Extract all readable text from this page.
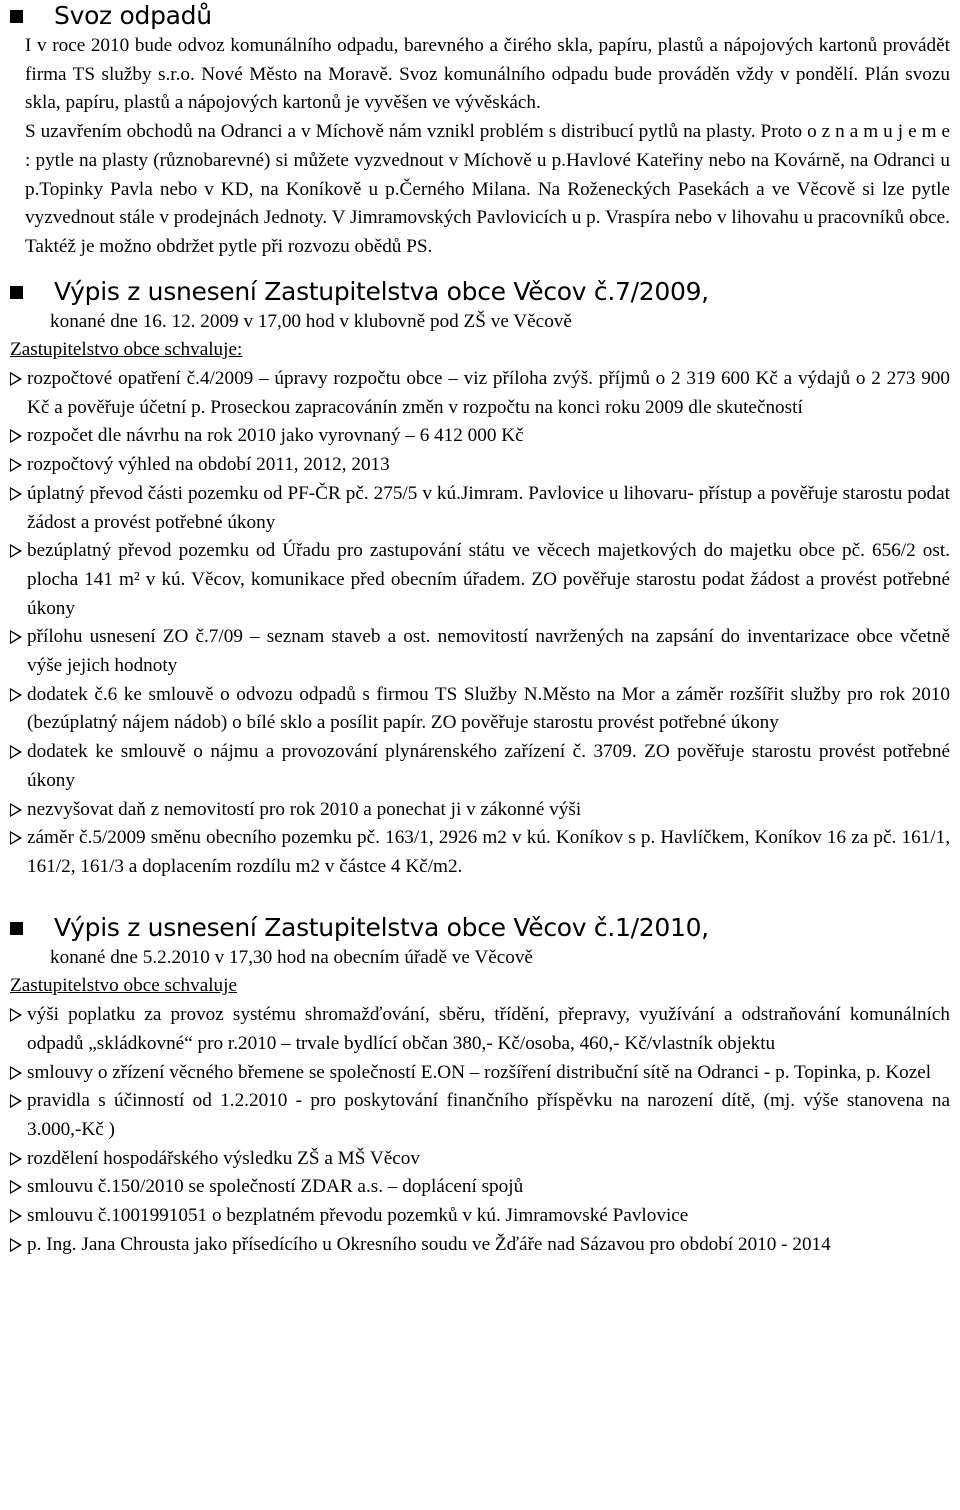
Svoz odpadů

I v roce 2010 bude odvoz komunálního odpadu, barevného a čirého skla, papíru, plastů a nápojových kartonů provádět firma TS služby s.r.o. Nové Město na Moravě. Svoz komunálního odpadu bude prováděn vždy v pondělí. Plán svozu skla, papíru, plastů a nápojových kartonů je vyvěšen ve vývěskách.

S uzavřením obchodů na Odranci a v Míchově nám vznikl problém s distribucí pytlů na plasty. Proto o z n a m u j e m e : pytle na plasty (různobarevné) si můžete vyzvednout v Míchově u p.Havlové Kateřiny nebo na Kovárně, na Odranci u p.Topinky Pavla nebo v KD, na Koníkově u p.Černého Milana. Na Roženeckých Pasekách a ve Věcově si lze pytle vyzvednout stále v prodejnách Jednoty. V Jimramovských Pavlovicích u p. Vraspíra nebo v lihovahu u pracovníků obce. Taktéž je možno obdržet pytle při rozvozu obědů PS.

Výpis z usnesení Zastupitelstva obce Věcov č.7/2009,

konané dne 16. 12. 2009 v 17,00 hod v klubovně pod ZŠ ve Věcově

Zastupitelstvo obce schvaluje:

rozpočtové opatření č.4/2009 – úpravy rozpočtu obce – viz příloha zvýš. příjmů o 2 319 600 Kč a výdajů o 2 273 900 Kč a pověřuje účetní p. Proseckou zapracovánín změn v rozpočtu na konci roku 2009 dle skutečností
rozpočet dle návrhu na rok 2010 jako vyrovnaný – 6 412 000 Kč
rozpočtový výhled na období 2011, 2012, 2013
úplatný převod části pozemku od PF-ČR pč. 275/5 v kú.Jimram. Pavlovice u lihovaru- přístup a pověřuje starostu podat žádost a provést potřebné úkony
bezúplatný převod pozemku od Úřadu pro zastupování státu ve věcech majetkových do majetku obce pč. 656/2 ost. plocha 141 m² v kú. Věcov, komunikace před obecním úřadem. ZO pověřuje starostu podat žádost a provést potřebné úkony
přílohu usnesení ZO č.7/09 – seznam staveb a ost. nemovitostí navržených na zapsání do inventarizace obce včetně výše jejich hodnoty
dodatek č.6 ke smlouvě o odvozu odpadů s firmou TS Služby N.Město na Mor a záměr rozšířit služby pro rok 2010 (bezúplatný nájem nádob) o bílé sklo a posílit papír. ZO pověřuje starostu provést potřebné úkony
dodatek ke smlouvě o nájmu a provozování plynárenského zařízení č. 3709. ZO pověřuje starostu provést potřebné úkony
nezvyšovat daň z nemovitostí pro rok 2010 a ponechat ji v zákonné výši
záměr č.5/2009 směnu obecního pozemku pč. 163/1, 2926 m2 v kú. Koníkov s p. Havlíčkem, Koníkov 16 za pč. 161/1, 161/2, 161/3 a doplacením rozdílu m2 v částce 4 Kč/m2.
Výpis z usnesení Zastupitelstva obce Věcov č.1/2010,

konané dne 5.2.2010 v 17,30 hod na obecním úřadě ve Věcově

Zastupitelstvo obce schvaluje

výši poplatku za provoz systému shromažďování, sběru, třídění, přepravy, využívání a odstraňování komunálních odpadů „skládkovné“ pro r.2010 – trvale bydlící občan 380,- Kč/osoba, 460,- Kč/vlastník objektu
smlouvy o zřízení věcného břemene se společností E.ON – rozšíření distribuční sítě na Odranci - p. Topinka, p. Kozel
pravidla s účinností od 1.2.2010 - pro poskytování finančního příspěvku na narození dítě, (mj. výše stanovena na 3.000,-Kč )
rozdělení hospodářského výsledku ZŠ a MŠ Věcov
smlouvu č.150/2010 se společností ZDAR a.s. – doplácení spojů
smlouvu č.1001991051 o bezplatném převodu pozemků v kú. Jimramovské Pavlovice
p. Ing. Jana Chrousta jako přísedícího u Okresního soudu ve Žďáře nad Sázavou pro období 2010 - 2014
